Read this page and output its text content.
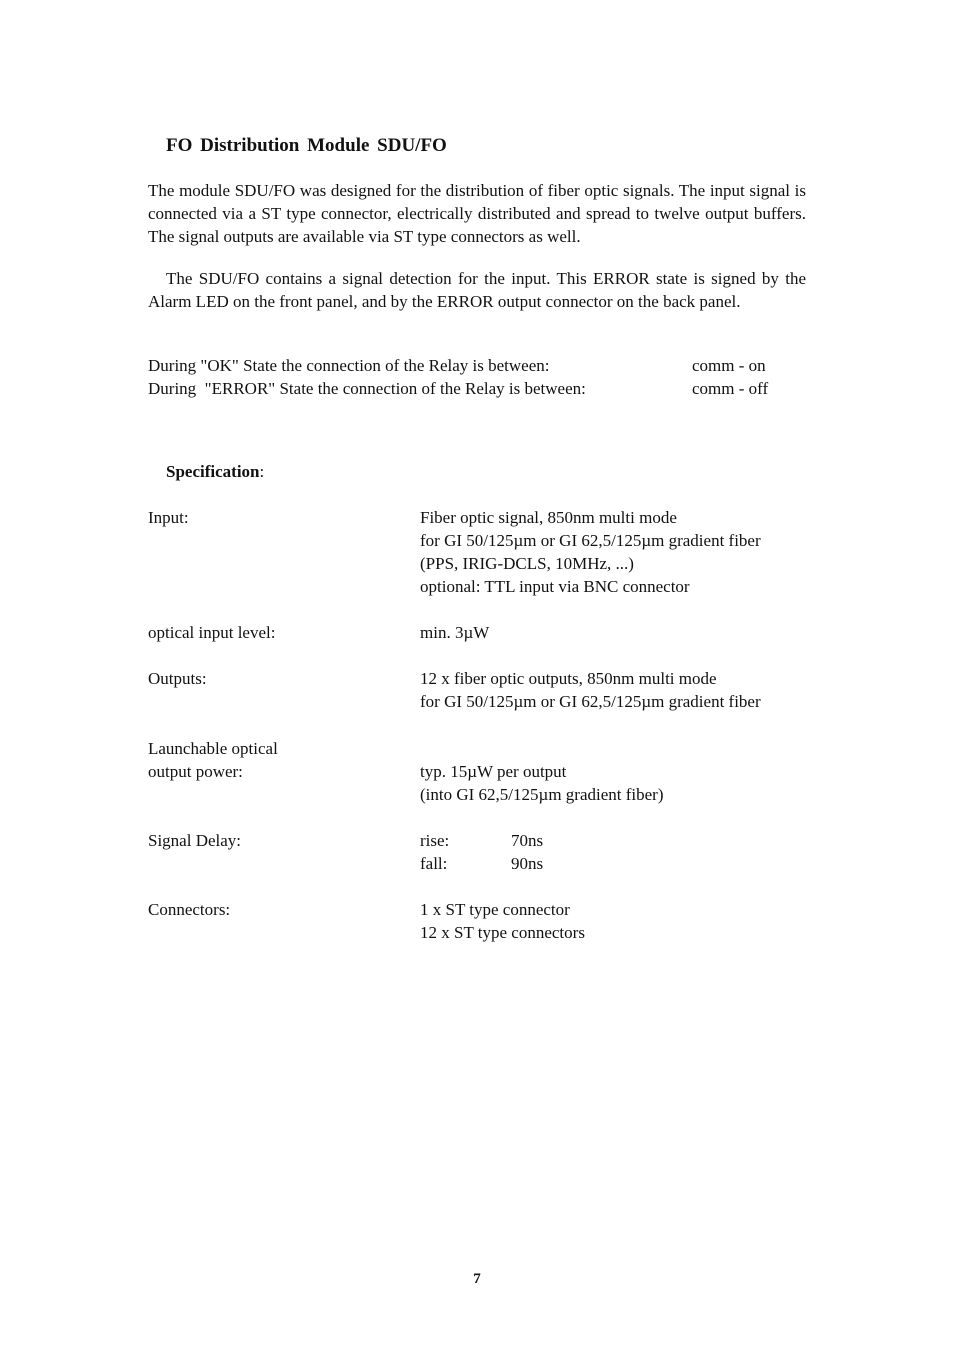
FO Distribution Module SDU/FO
The module SDU/FO was designed for the distribution of fiber optic signals. The input signal is connected via a ST type connector, electrically distributed and spread to twelve output buffers. The signal outputs are available via ST type connectors as well.
The SDU/FO contains a signal detection for the input. This ERROR state is signed by the Alarm LED on the front panel, and by the ERROR output connector on the back panel.
During "OK" State the connection of the Relay is between:	comm - on
During  "ERROR" State the connection of the Relay is between:	comm - off
Specification:
Input:	Fiber optic signal, 850nm multi mode
for GI 50/125µm or GI 62,5/125µm gradient fiber
(PPS, IRIG-DCLS, 10MHz, ...)
optional: TTL input via BNC connector
optical input level:	min. 3µW
Outputs:	12 x fiber optic outputs, 850nm multi mode
for GI 50/125µm or GI 62,5/125µm gradient fiber
Launchable optical
output power:	typ. 15µW per output
(into GI 62,5/125µm gradient fiber)
Signal Delay:	rise:	70ns
fall:	90ns
Connectors:	1 x ST type connector
12 x ST type connectors
7
